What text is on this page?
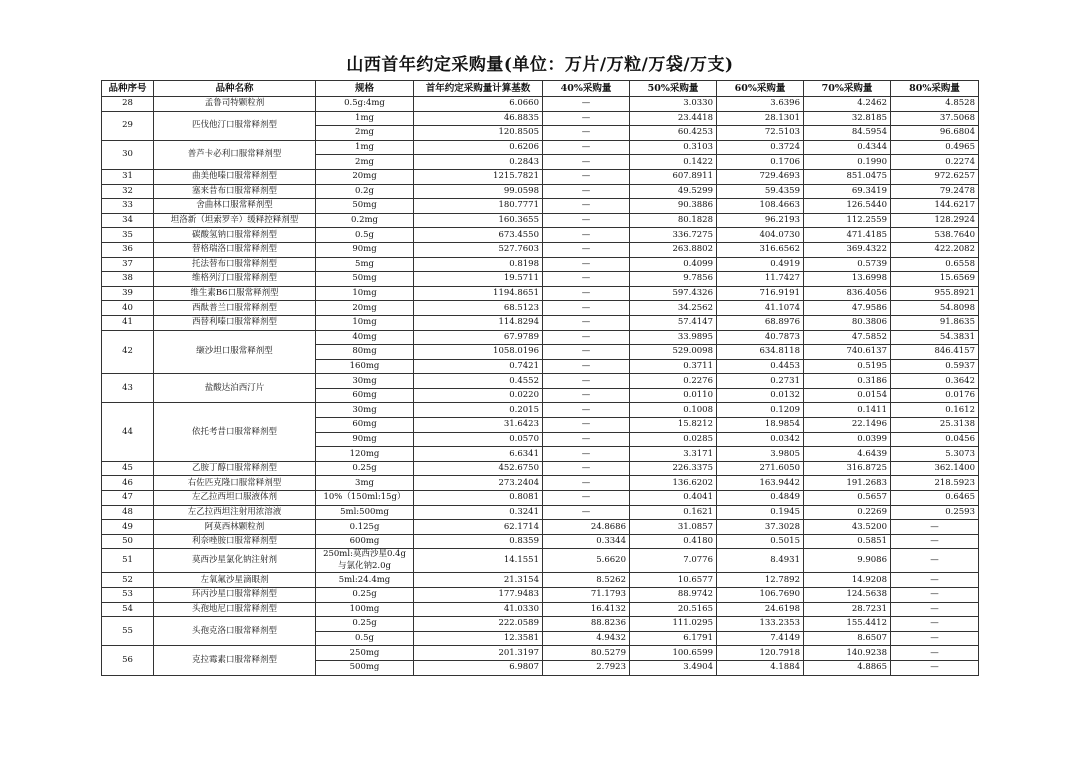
山西首年约定采购量(单位：万片/万粒/万袋/万支)
品种序号	品种名称	规格	首年约定采购量计算基数	40%采购量	50%采购量	60%采购量	70%采购量	80%采购量
28	孟鲁司特颗粒剂	0.5g:4mg	6.0660	—	3.0330	3.6396	4.2462	4.8528
29	匹伐他汀口服常释剂型	1mg	46.8835	—	23.4418	28.1301	32.8185	37.5068
		2mg	120.8505	—	60.4253	72.5103	84.5954	96.6804
30	普芦卡必利口服常释剂型	1mg	0.6206	—	0.3103	0.3724	0.4344	0.4965
		2mg	0.2843	—	0.1422	0.1706	0.1990	0.2274
31	曲美他嗪口服常释剂型	20mg	1215.7821	—	607.8911	729.4693	851.0475	972.6257
32	塞来昔布口服常释剂型	0.2g	99.0598	—	49.5299	59.4359	69.3419	79.2478
33	舍曲林口服常释剂型	50mg	180.7771	—	90.3886	108.4663	126.5440	144.6217
34	坦洛新（坦索罗辛）缓释控释剂型	0.2mg	160.3655	—	80.1828	96.2193	112.2559	128.2924
35	碳酸氢钠口服常释剂型	0.5g	673.4550	—	336.7275	404.0730	471.4185	538.7640
36	替格瑞洛口服常释剂型	90mg	527.7603	—	263.8802	316.6562	369.4322	422.2082
37	托法替布口服常释剂型	5mg	0.8198	—	0.4099	0.4919	0.5739	0.6558
38	维格列汀口服常释剂型	50mg	19.5711	—	9.7856	11.7427	13.6998	15.6569
39	维生素B6口服常释剂型	10mg	1194.8651	—	597.4326	716.9191	836.4056	955.8921
40	西酞普兰口服常释剂型	20mg	68.5123	—	34.2562	41.1074	47.9586	54.8098
41	西替利嗪口服常释剂型	10mg	114.8294	—	57.4147	68.8976	80.3806	91.8635
42	缬沙坦口服常释剂型	40mg	67.9789	—	33.9895	40.7873	47.5852	54.3831
		80mg	1058.0196	—	529.0098	634.8118	740.6137	846.4157
		160mg	0.7421	—	0.3711	0.4453	0.5195	0.5937
43	盐酸达泊西汀片	30mg	0.4552	—	0.2276	0.2731	0.3186	0.3642
		60mg	0.0220	—	0.0110	0.0132	0.0154	0.0176
44	依托考昔口服常释剂型	30mg	0.2015	—	0.1008	0.1209	0.1411	0.1612
		60mg	31.6423	—	15.8212	18.9854	22.1496	25.3138
		90mg	0.0570	—	0.0285	0.0342	0.0399	0.0456
		120mg	6.6341	—	3.3171	3.9805	4.6439	5.3073
45	乙胺丁醇口服常释剂型	0.25g	452.6750	—	226.3375	271.6050	316.8725	362.1400
46	右佐匹克隆口服常释剂型	3mg	273.2404	—	136.6202	163.9442	191.2683	218.5923
47	左乙拉西坦口服液体剂	10%（150ml:15g）	0.8081	—	0.4041	0.4849	0.5657	0.6465
48	左乙拉西坦注射用浓溶液	5ml:500mg	0.3241	—	0.1621	0.1945	0.2269	0.2593
49	阿莫西林颗粒剂	0.125g	62.1714	24.8686	31.0857	37.3028	43.5200	—
50	利奈唑胺口服常释剂型	600mg	0.8359	0.3344	0.4180	0.5015	0.5851	—
51	莫西沙星氯化钠注射剂	250ml:莫西沙星0.4g与氯化钠2.0g	14.1551	5.6620	7.0776	8.4931	9.9086	—
52	左氧氟沙星滴眼剂	5ml:24.4mg	21.3154	8.5262	10.6577	12.7892	14.9208	—
53	环丙沙星口服常释剂型	0.25g	177.9483	71.1793	88.9742	106.7690	124.5638	—
54	头孢地尼口服常释剂型	100mg	41.0330	16.4132	20.5165	24.6198	28.7231	—
55	头孢克洛口服常释剂型	0.25g	222.0589	88.8236	111.0295	133.2353	155.4412	—
		0.5g	12.3581	4.9432	6.1791	7.4149	8.6507	—
56	克拉霉素口服常释剂型	250mg	201.3197	80.5279	100.6599	120.7918	140.9238	—
		500mg	6.9807	2.7923	3.4904	4.1884	4.8865	—
